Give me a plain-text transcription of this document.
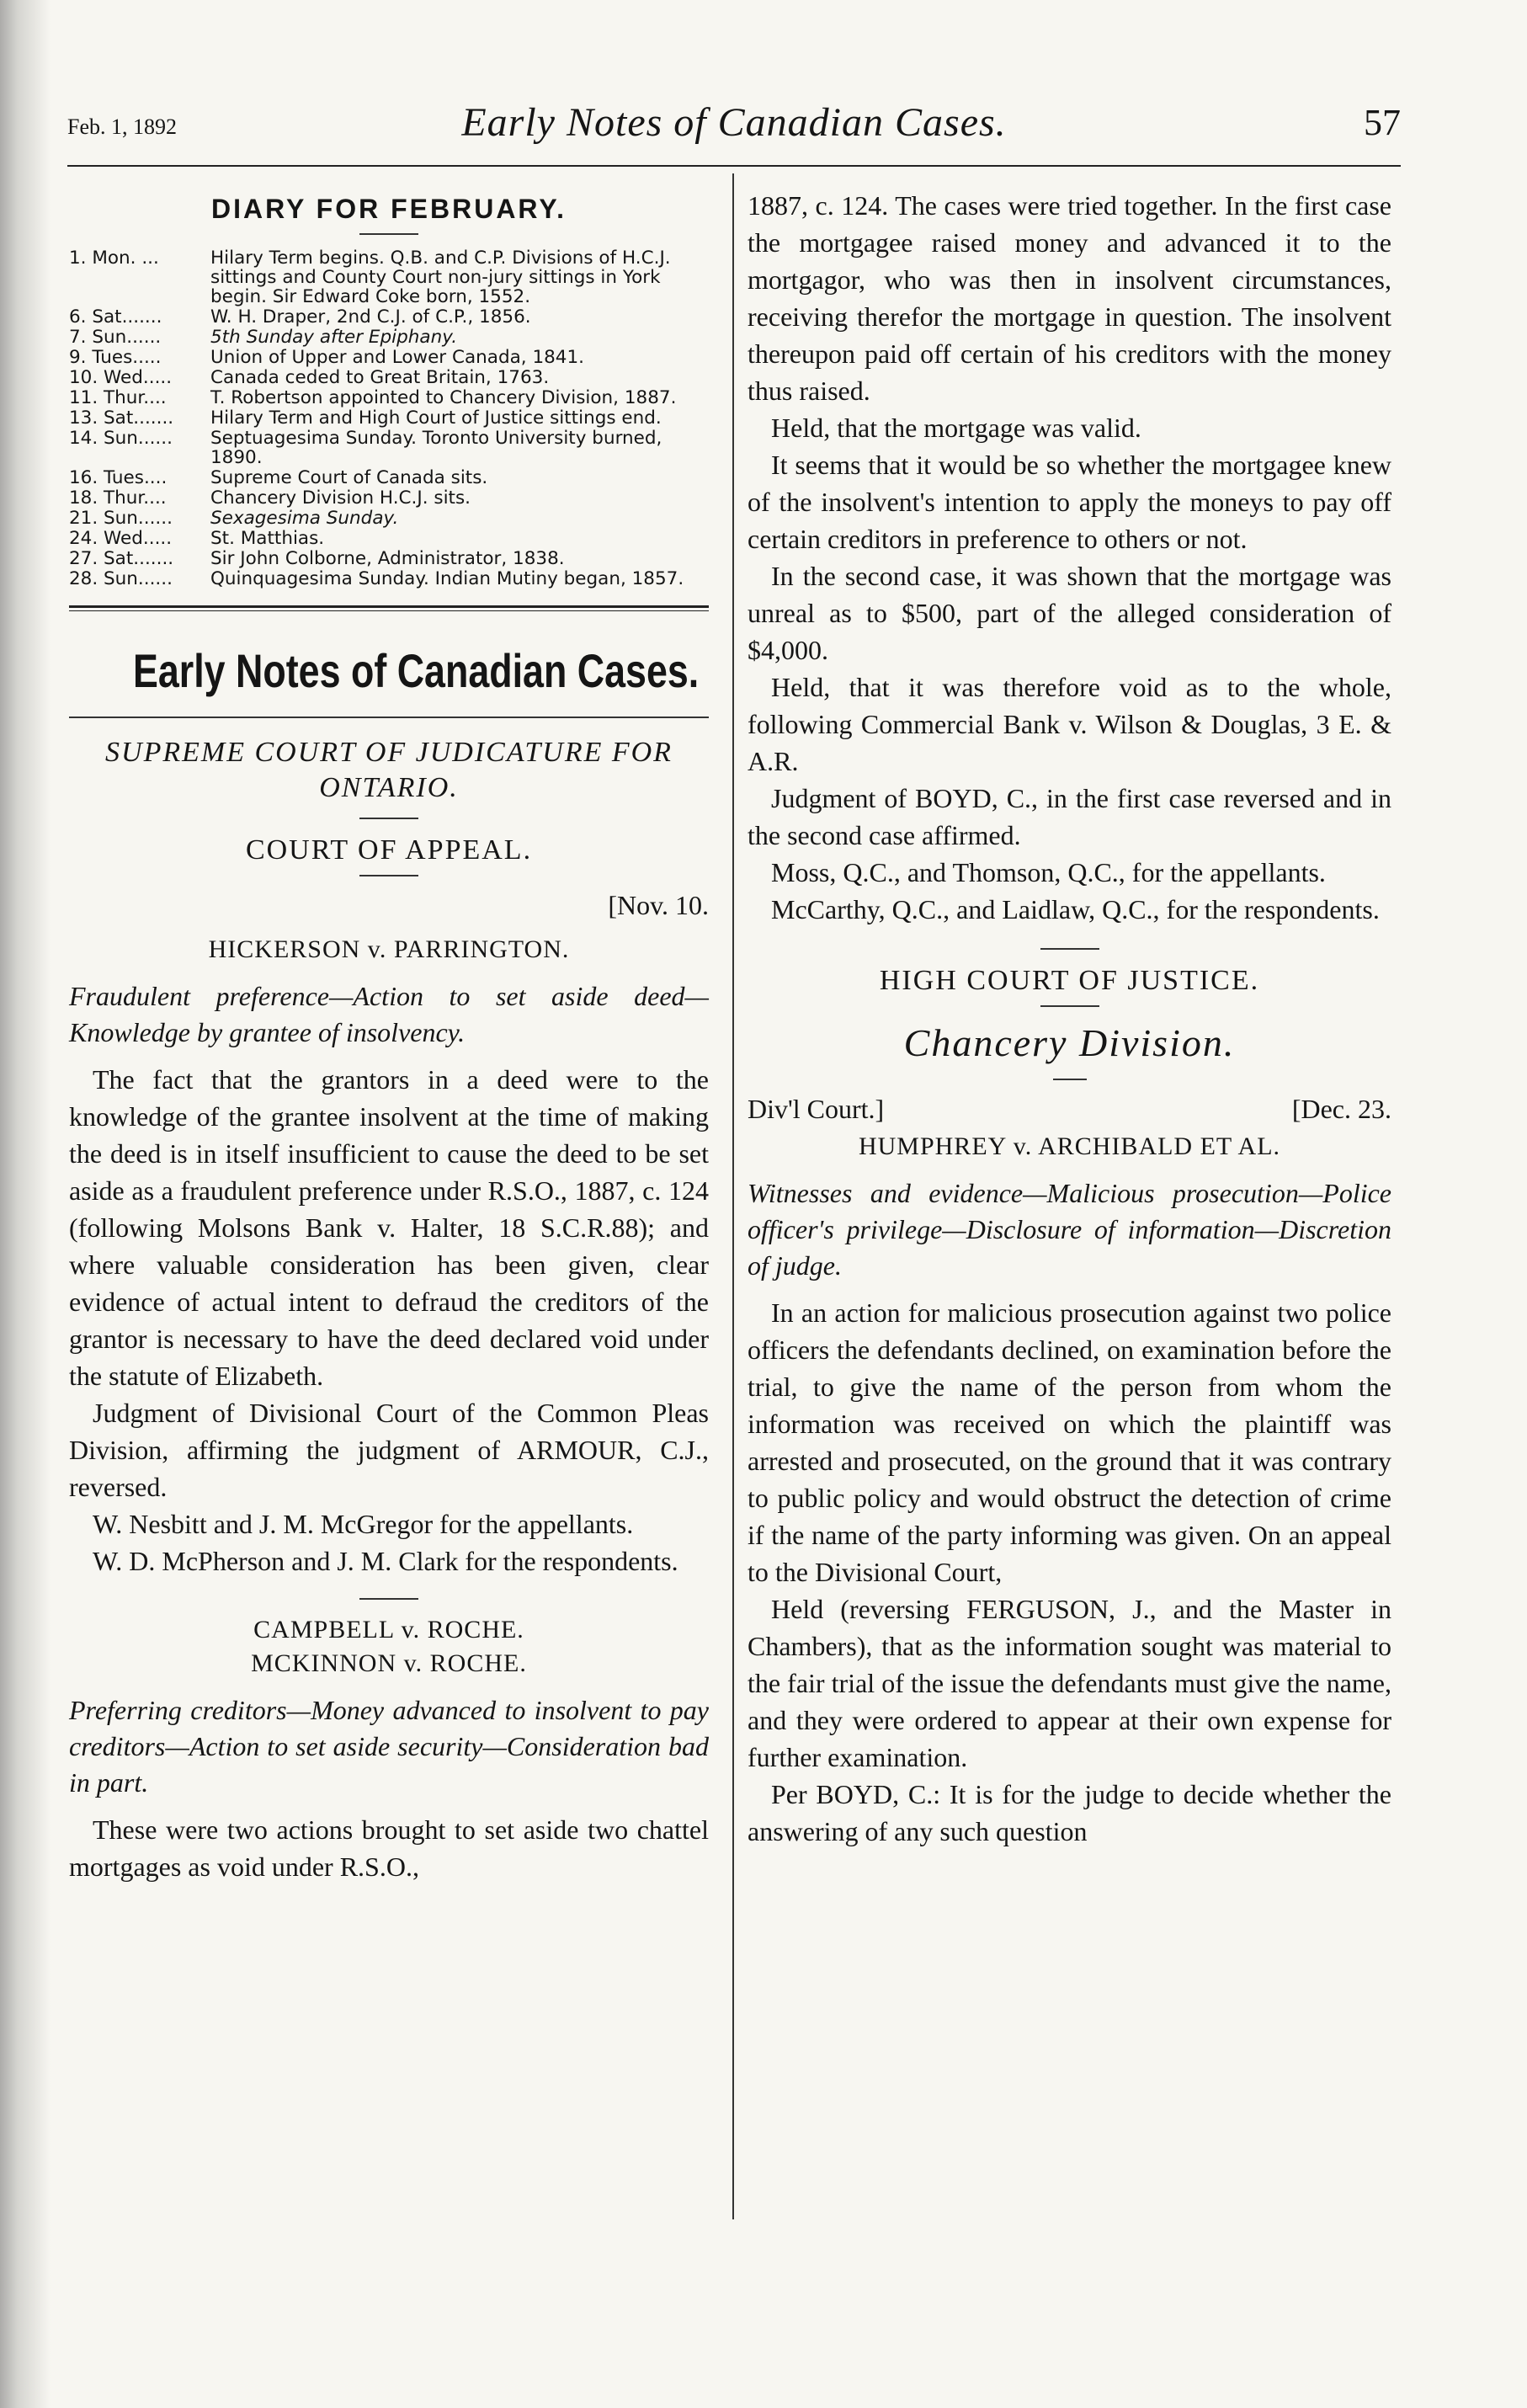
Feb. 1, 1892	Early Notes of Canadian Cases.	57
DIARY FOR FEBRUARY.
1. Mon. ...	Hilary Term begins. Q.B. and C.P. Divisions of H.C.J. sittings and County Court non-jury sittings in York begin. Sir Edward Coke born, 1552.
6. Sat.......	W. H. Draper, 2nd C.J. of C.P., 1856.
7. Sun......	5th Sunday after Epiphany.
9. Tues.....	Union of Upper and Lower Canada, 1841.
10. Wed.....	Canada ceded to Great Britain, 1763.
11. Thur....	T. Robertson appointed to Chancery Division, 1887.
13. Sat.......	Hilary Term and High Court of Justice sittings end.
14. Sun......	Septuagesima Sunday. Toronto University burned, 1890.
16. Tues....	Supreme Court of Canada sits.
18. Thur....	Chancery Division H.C.J. sits.
21. Sun......	Sexagesima Sunday.
24. Wed.....	St. Matthias.
27. Sat.......	Sir John Colborne, Administrator, 1838.
28. Sun......	Quinquagesima Sunday. Indian Mutiny began, 1857.
Early Notes of Canadian Cases.
SUPREME COURT OF JUDICATURE FOR ONTARIO.
COURT OF APPEAL.
[Nov. 10.
HICKERSON v. PARRINGTON.
Fraudulent preference—Action to set aside deed—Knowledge by grantee of insolvency.

The fact that the grantors in a deed were to the knowledge of the grantee insolvent at the time of making the deed is in itself insufficient to cause the deed to be set aside as a fraudulent preference under R.S.O., 1887, c. 124 (following Molsons Bank v. Halter, 18 S.C.R.88); and where valuable consideration has been given, clear evidence of actual intent to defraud the creditors of the grantor is necessary to have the deed declared void under the statute of Elizabeth.

Judgment of Divisional Court of the Common Pleas Division, affirming the judgment of ARMOUR, C.J., reversed.

W. Nesbitt and J. M. McGregor for the appellants.

W. D. McPherson and J. M. Clark for the respondents.

CAMPBELL v. ROCHE.
MCKINNON v. ROCHE.
Preferring creditors—Money advanced to insolvent to pay creditors—Action to set aside security—Consideration bad in part.

These were two actions brought to set aside two chattel mortgages as void under R.S.O.,

1887, c. 124. The cases were tried together. In the first case the mortgagee raised money and advanced it to the mortgagor, who was then in insolvent circumstances, receiving therefor the mortgage in question. The insolvent thereupon paid off certain of his creditors with the money thus raised.

Held, that the mortgage was valid.

It seems that it would be so whether the mortgagee knew of the insolvent's intention to apply the moneys to pay off certain creditors in preference to others or not.

In the second case, it was shown that the mortgage was unreal as to $500, part of the alleged consideration of $4,000.

Held, that it was therefore void as to the whole, following Commercial Bank v. Wilson & Douglas, 3 E. & A.R.

Judgment of BOYD, C., in the first case reversed and in the second case affirmed.

Moss, Q.C., and Thomson, Q.C., for the appellants.

McCarthy, Q.C., and Laidlaw, Q.C., for the respondents.

HIGH COURT OF JUSTICE.
Chancery Division.
Div'l Court.]	[Dec. 23.
HUMPHREY v. ARCHIBALD ET AL.
Witnesses and evidence—Malicious prosecution—Police officer's privilege—Disclosure of information—Discretion of judge.

In an action for malicious prosecution against two police officers the defendants declined, on examination before the trial, to give the name of the person from whom the information was received on which the plaintiff was arrested and prosecuted, on the ground that it was contrary to public policy and would obstruct the detection of crime if the name of the party informing was given. On an appeal to the Divisional Court,

Held (reversing FERGUSON, J., and the Master in Chambers), that as the information sought was material to the fair trial of the issue the defendants must give the name, and they were ordered to appear at their own expense for further examination.

Per BOYD, C.: It is for the judge to decide whether the answering of any such question
